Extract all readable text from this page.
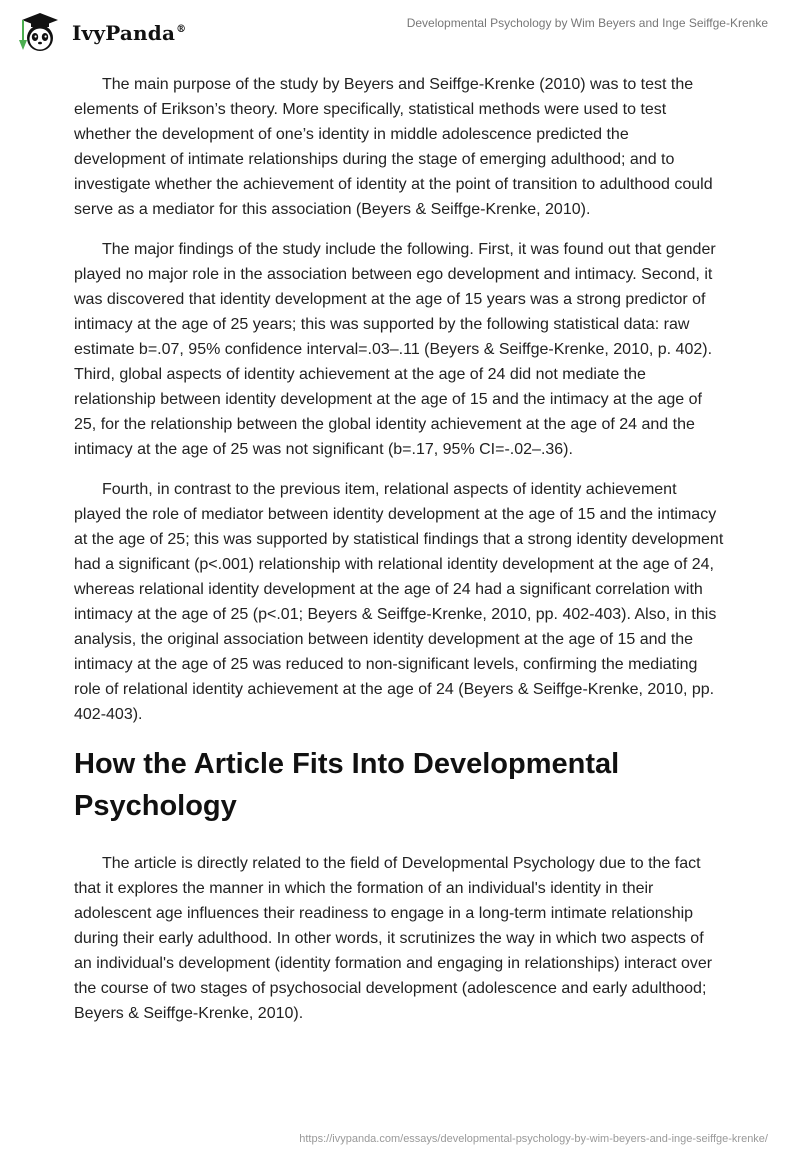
IvyPanda®	Developmental Psychology by Wim Beyers and Inge Seiffge-Krenke

The main purpose of the study by Beyers and Seiffge-Krenke (2010) was to test the elements of Erikson’s theory. More specifically, statistical methods were used to test whether the development of one’s identity in middle adolescence predicted the development of intimate relationships during the stage of emerging adulthood; and to investigate whether the achievement of identity at the point of transition to adulthood could serve as a mediator for this association (Beyers & Seiffge-Krenke, 2010).

The major findings of the study include the following. First, it was found out that gender played no major role in the association between ego development and intimacy. Second, it was discovered that identity development at the age of 15 years was a strong predictor of intimacy at the age of 25 years; this was supported by the following statistical data: raw estimate b=.07, 95% confidence interval=.03–.11 (Beyers & Seiffge-Krenke, 2010, p. 402). Third, global aspects of identity achievement at the age of 24 did not mediate the relationship between identity development at the age of 15 and the intimacy at the age of 25, for the relationship between the global identity achievement at the age of 24 and the intimacy at the age of 25 was not significant (b=.17, 95% CI=-.02–.36).

Fourth, in contrast to the previous item, relational aspects of identity achievement played the role of mediator between identity development at the age of 15 and the intimacy at the age of 25; this was supported by statistical findings that a strong identity development had a significant (p<.001) relationship with relational identity development at the age of 24, whereas relational identity development at the age of 24 had a significant correlation with intimacy at the age of 25 (p<.01; Beyers & Seiffge-Krenke, 2010, pp. 402-403). Also, in this analysis, the original association between identity development at the age of 15 and the intimacy at the age of 25 was reduced to non-significant levels, confirming the mediating role of relational identity achievement at the age of 24 (Beyers & Seiffge-Krenke, 2010, pp. 402-403).

How the Article Fits Into Developmental Psychology

The article is directly related to the field of Developmental Psychology due to the fact that it explores the manner in which the formation of an individual's identity in their adolescent age influences their readiness to engage in a long-term intimate relationship during their early adulthood. In other words, it scrutinizes the way in which two aspects of an individual's development (identity formation and engaging in relationships) interact over the course of two stages of psychosocial development (adolescence and early adulthood; Beyers & Seiffge-Krenke, 2010).

https://ivypanda.com/essays/developmental-psychology-by-wim-beyers-and-inge-seiffge-krenke/
